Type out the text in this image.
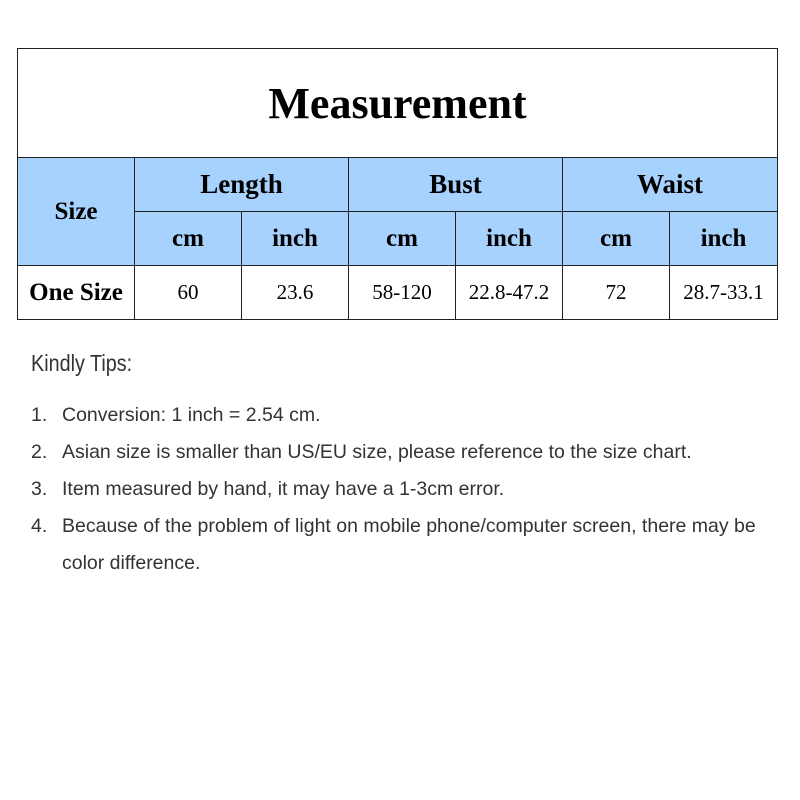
Measurement						
Size	Length		Bust		Waist	
	cm	inch	cm	inch	cm	inch
One Size	60	23.6	58-120	22.8-47.2	72	28.7-33.1
Kindly Tips:
1. Conversion: 1 inch = 2.54 cm.
2. Asian size is smaller than US/EU size, please reference to the size chart.
3. Item measured by hand, it may have a 1-3cm error.
4. Because of the problem of light on mobile phone/computer screen, there may be color difference.
